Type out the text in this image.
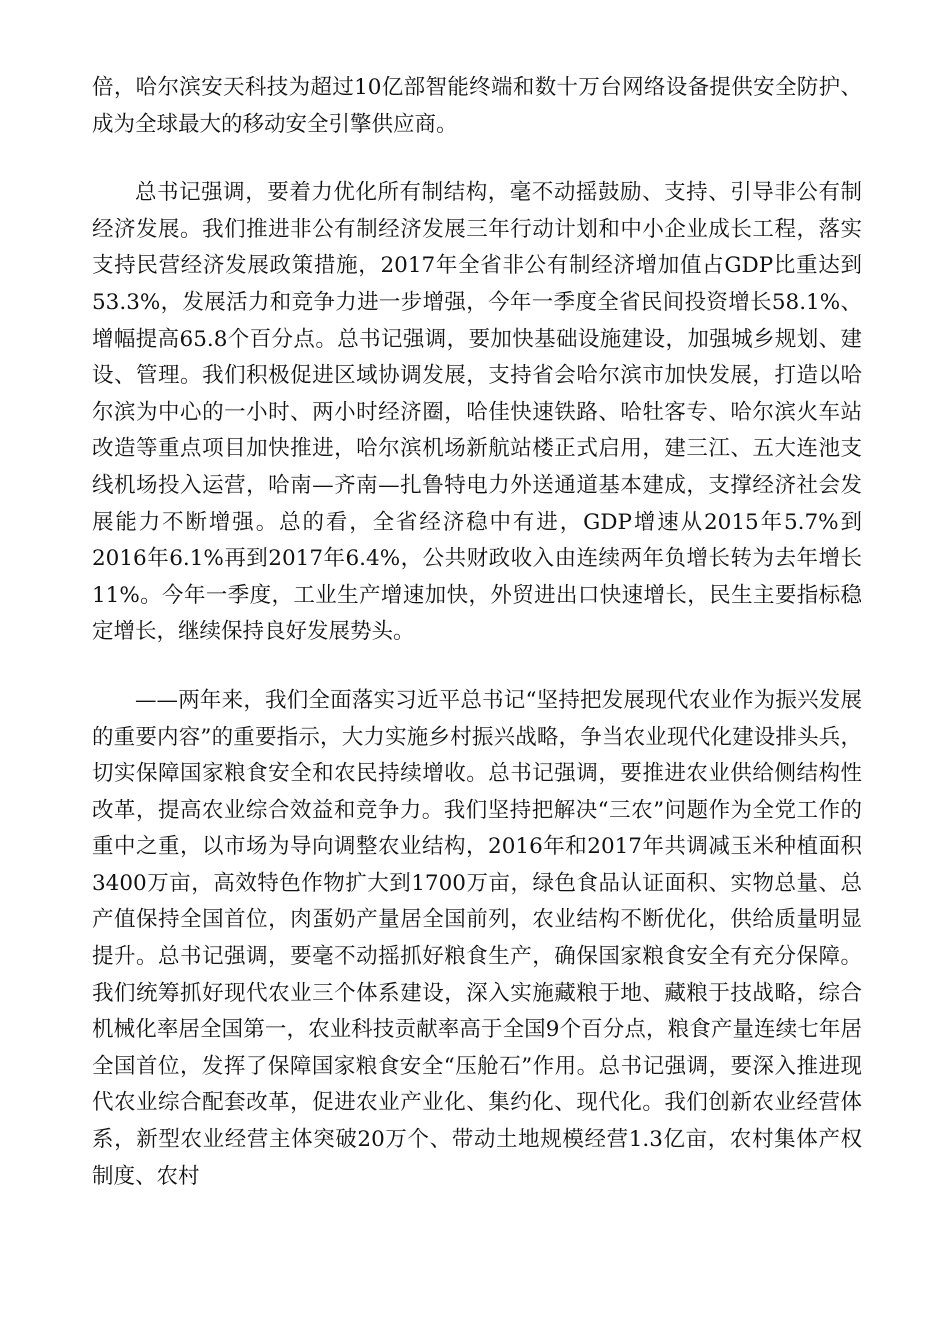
倍，哈尔滨安天科技为超过10亿部智能终端和数十万台网络设备提供安全防护、成为全球最大的移动安全引擎供应商。

总书记强调，要着力优化所有制结构，毫不动摇鼓励、支持、引导非公有制经济发展。我们推进非公有制经济发展三年行动计划和中小企业成长工程，落实支持民营经济发展政策措施，2017年全省非公有制经济增加值占GDP比重达到53.3%，发展活力和竞争力进一步增强，今年一季度全省民间投资增长58.1%、增幅提高65.8个百分点。总书记强调，要加快基础设施建设，加强城乡规划、建设、管理。我们积极促进区域协调发展，支持省会哈尔滨市加快发展，打造以哈尔滨为中心的一小时、两小时经济圈，哈佳快速铁路、哈牡客专、哈尔滨火车站改造等重点项目加快推进，哈尔滨机场新航站楼正式启用，建三江、五大连池支线机场投入运营，哈南—齐南—扎鲁特电力外送通道基本建成，支撑经济社会发展能力不断增强。总的看，全省经济稳中有进，GDP增速从2015年5.7%到2016年6.1%再到2017年6.4%，公共财政收入由连续两年负增长转为去年增长11%。今年一季度，工业生产增速加快，外贸进出口快速增长，民生主要指标稳定增长，继续保持良好发展势头。

——两年来，我们全面落实习近平总书记“坚持把发展现代农业作为振兴发展的重要内容”的重要指示，大力实施乡村振兴战略，争当农业现代化建设排头兵，切实保障国家粮食安全和农民持续增收。总书记强调，要推进农业供给侧结构性改革，提高农业综合效益和竞争力。我们坚持把解决“三农”问题作为全党工作的重中之重，以市场为导向调整农业结构，2016年和2017年共调减玉米种植面积3400万亩，高效特色作物扩大到1700万亩，绿色食品认证面积、实物总量、总产值保持全国首位，肉蛋奶产量居全国前列，农业结构不断优化，供给质量明显提升。总书记强调，要毫不动摇抓好粮食生产，确保国家粮食安全有充分保障。我们统筹抓好现代农业三个体系建设，深入实施藏粮于地、藏粮于技战略，综合机械化率居全国第一，农业科技贡献率高于全国9个百分点，粮食产量连续七年居全国首位，发挥了保障国家粮食安全“压舱石”作用。总书记强调，要深入推进现代农业综合配套改革，促进农业产业化、集约化、现代化。我们创新农业经营体系，新型农业经营主体突破20万个、带动土地规模经营1.3亿亩，农村集体产权制度、农村
